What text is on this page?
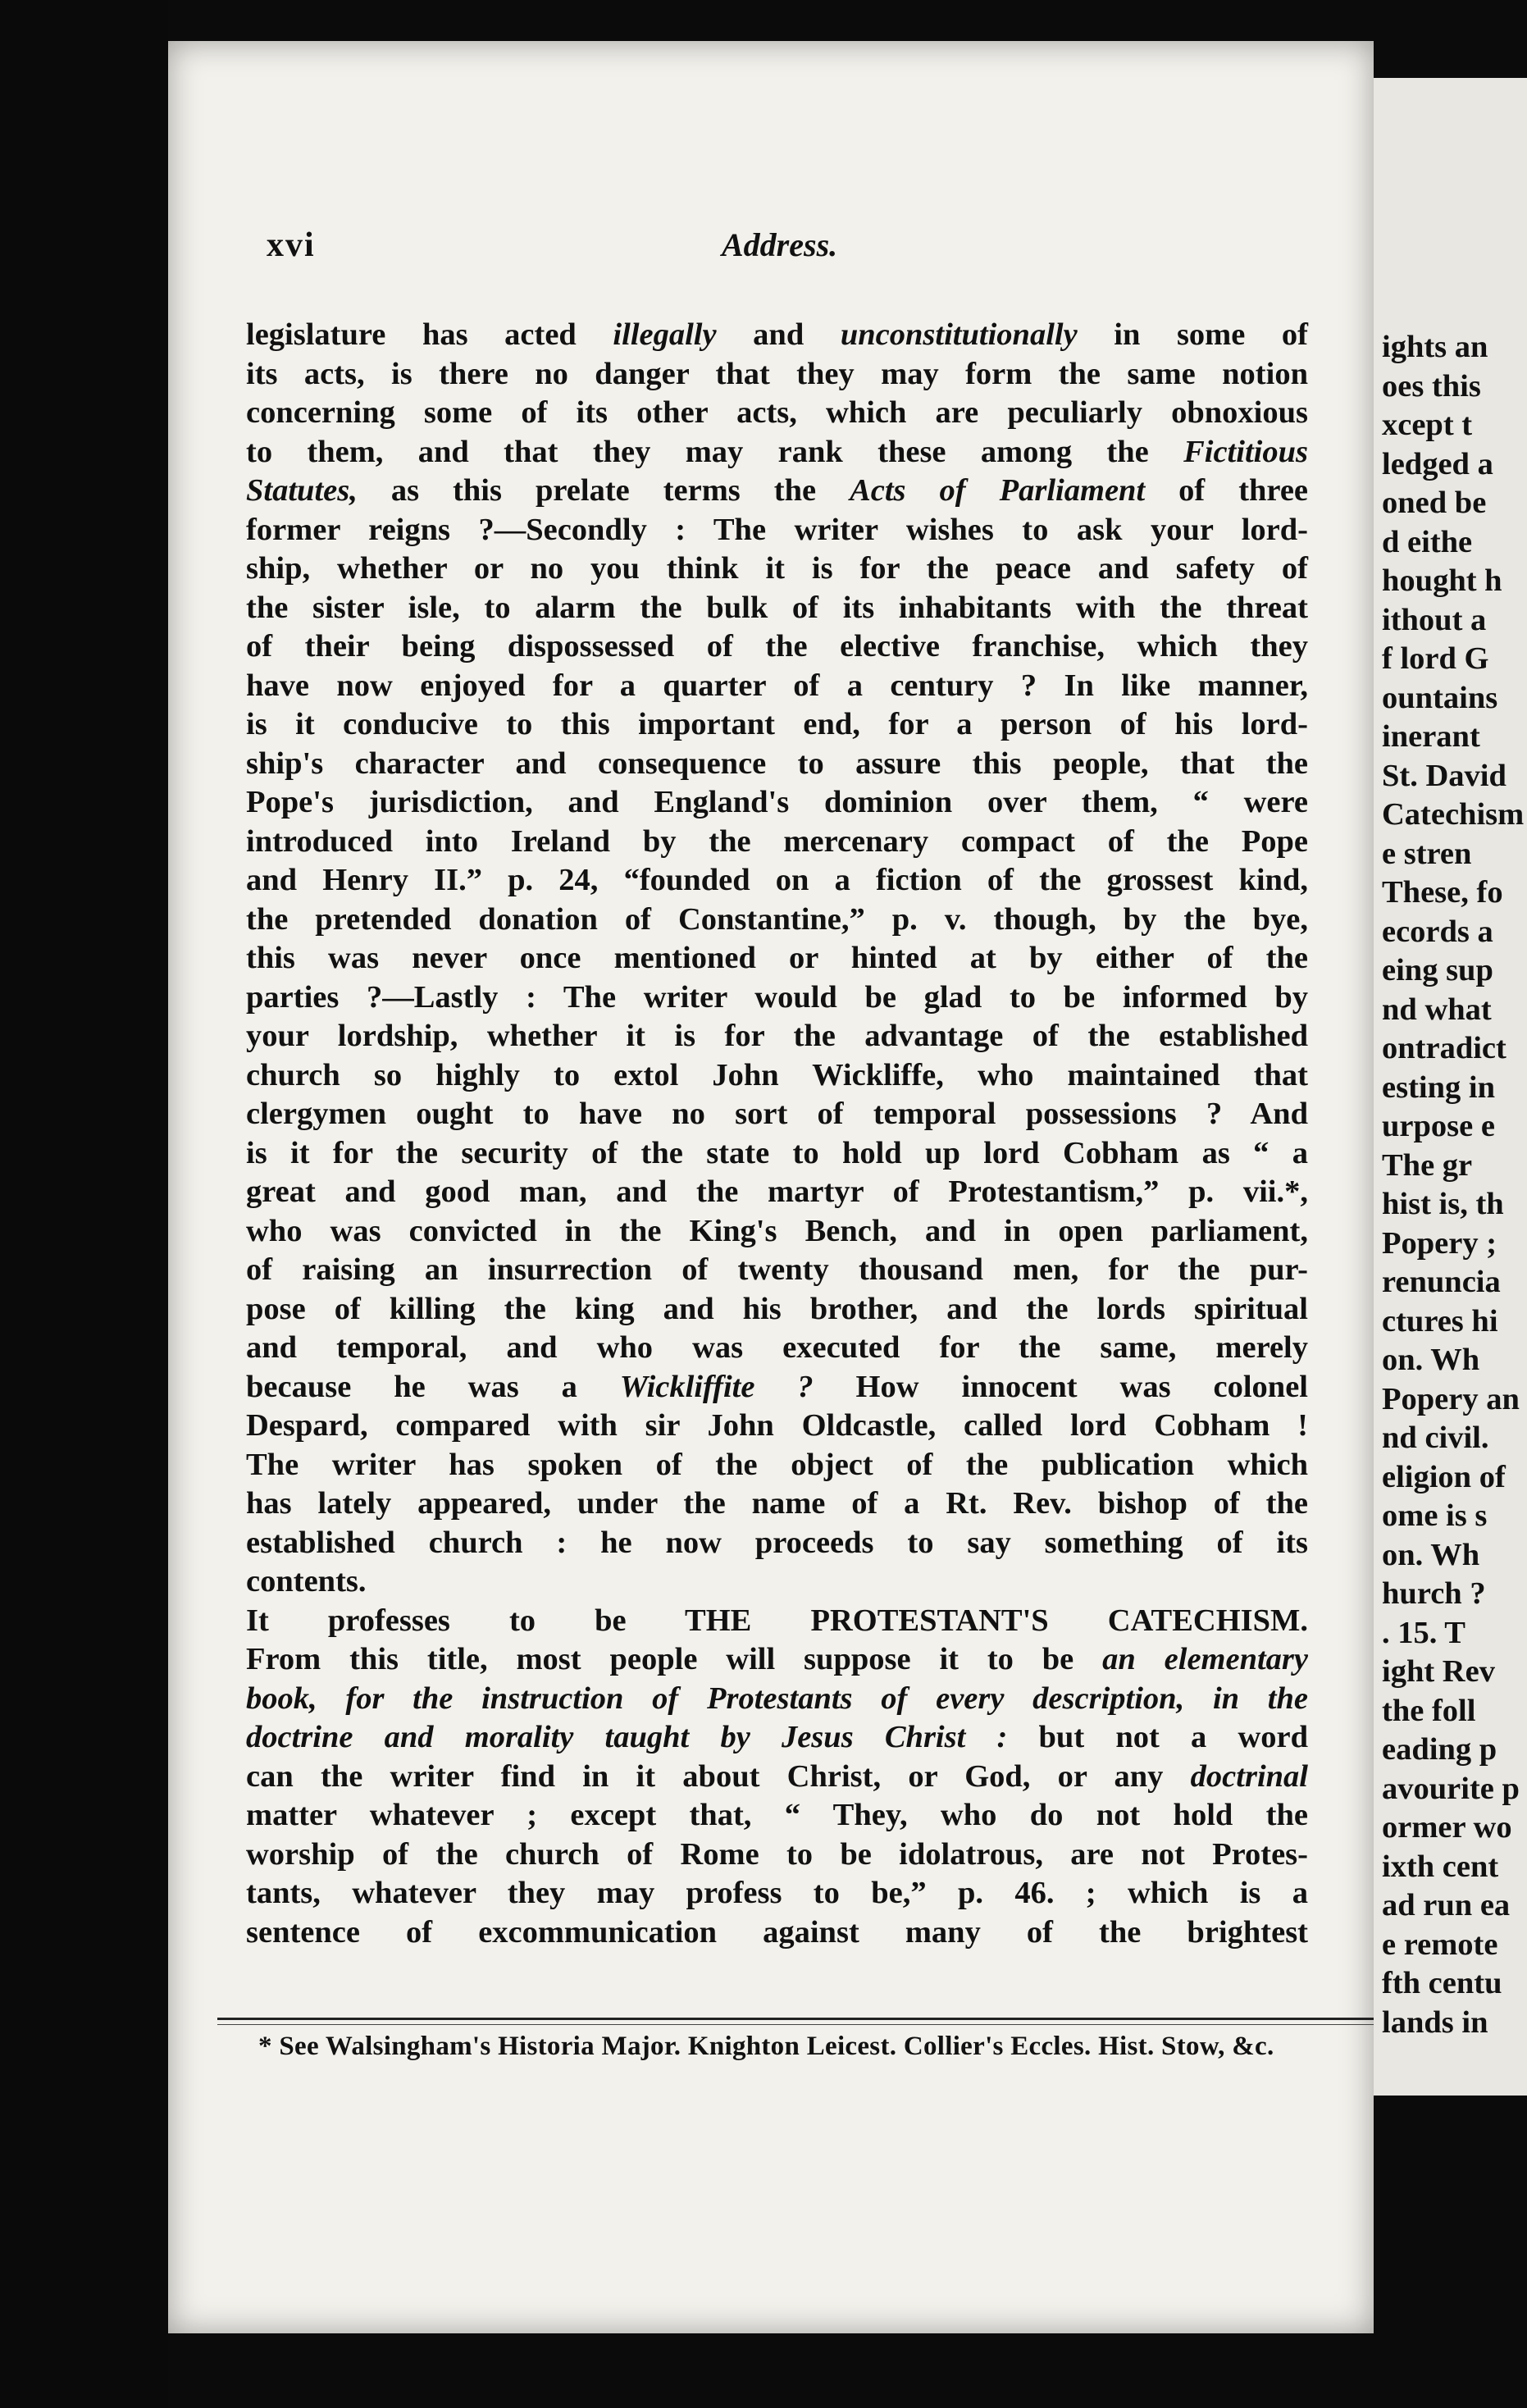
xvi	Address.
legislature has acted illegally and unconstitutionally in some of
its acts, is there no danger that they may form the same notion
concerning some of its other acts, which are peculiarly obnoxious
to them, and that they may rank these among the Fictitious
Statutes, as this prelate terms the Acts of Parliament of three
former reigns ?—Secondly : The writer wishes to ask your lord-
ship, whether or no you think it is for the peace and safety of
the sister isle, to alarm the bulk of its inhabitants with the threat
of their being dispossessed of the elective franchise, which they
have now enjoyed for a quarter of a century ? In like manner,
is it conducive to this important end, for a person of his lord-
ship's character and consequence to assure this people, that the
Pope's jurisdiction, and England's dominion over them, “ were
introduced into Ireland by the mercenary compact of the Pope
and Henry II.” p. 24, “founded on a fiction of the grossest kind,
the pretended donation of Constantine,” p. v. though, by the bye,
this was never once mentioned or hinted at by either of the
parties ?—Lastly : The writer would be glad to be informed by
your lordship, whether it is for the advantage of the established
church so highly to extol John Wickliffe, who maintained that
clergymen ought to have no sort of temporal possessions ? And
is it for the security of the state to hold up lord Cobham as “ a
great and good man, and the martyr of Protestantism,” p. vii.*,
who was convicted in the King's Bench, and in open parliament,
of raising an insurrection of twenty thousand men, for the pur-
pose of killing the king and his brother, and the lords spiritual
and temporal, and who was executed for the same, merely
because he was a Wickliffite ? How innocent was colonel
Despard, compared with sir John Oldcastle, called lord Cobham !
The writer has spoken of the object of the publication which
has lately appeared, under the name of a Rt. Rev. bishop of the
established church : he now proceeds to say something of its
contents.
It professes to be THE PROTESTANT'S CATECHISM.
From this title, most people will suppose it to be an elementary
book, for the instruction of Protestants of every description, in the
doctrine and morality taught by Jesus Christ : but not a word
can the writer find in it about Christ, or God, or any doctrinal
matter whatever ; except that, “ They, who do not hold the
worship of the church of Rome to be idolatrous, are not Protes-
tants, whatever they may profess to be,” p. 46. ; which is a
sentence of excommunication against many of the brightest
* See Walsingham's Historia Major. Knighton Leicest. Collier's Eccles. Hist. Stow, &c.
ights an
oes this
xcept t
ledged a
oned be
d eithe
hought h
ithout a
f lord G
ountains
inerant
St. David
Catechism
e stren
These, fo
ecords a
eing sup
nd what
ontradict
esting in
urpose e
The gr
hist is, th
Popery ;
renuncia
ctures hi
on. Wh
Popery an
nd civil.
eligion of
ome is s
on. Wh
hurch ?
. 15. T
ight Rev
the foll
eading p
avourite p
ormer wo
ixth cent
ad run ea
e remote
fth centu
lands in
